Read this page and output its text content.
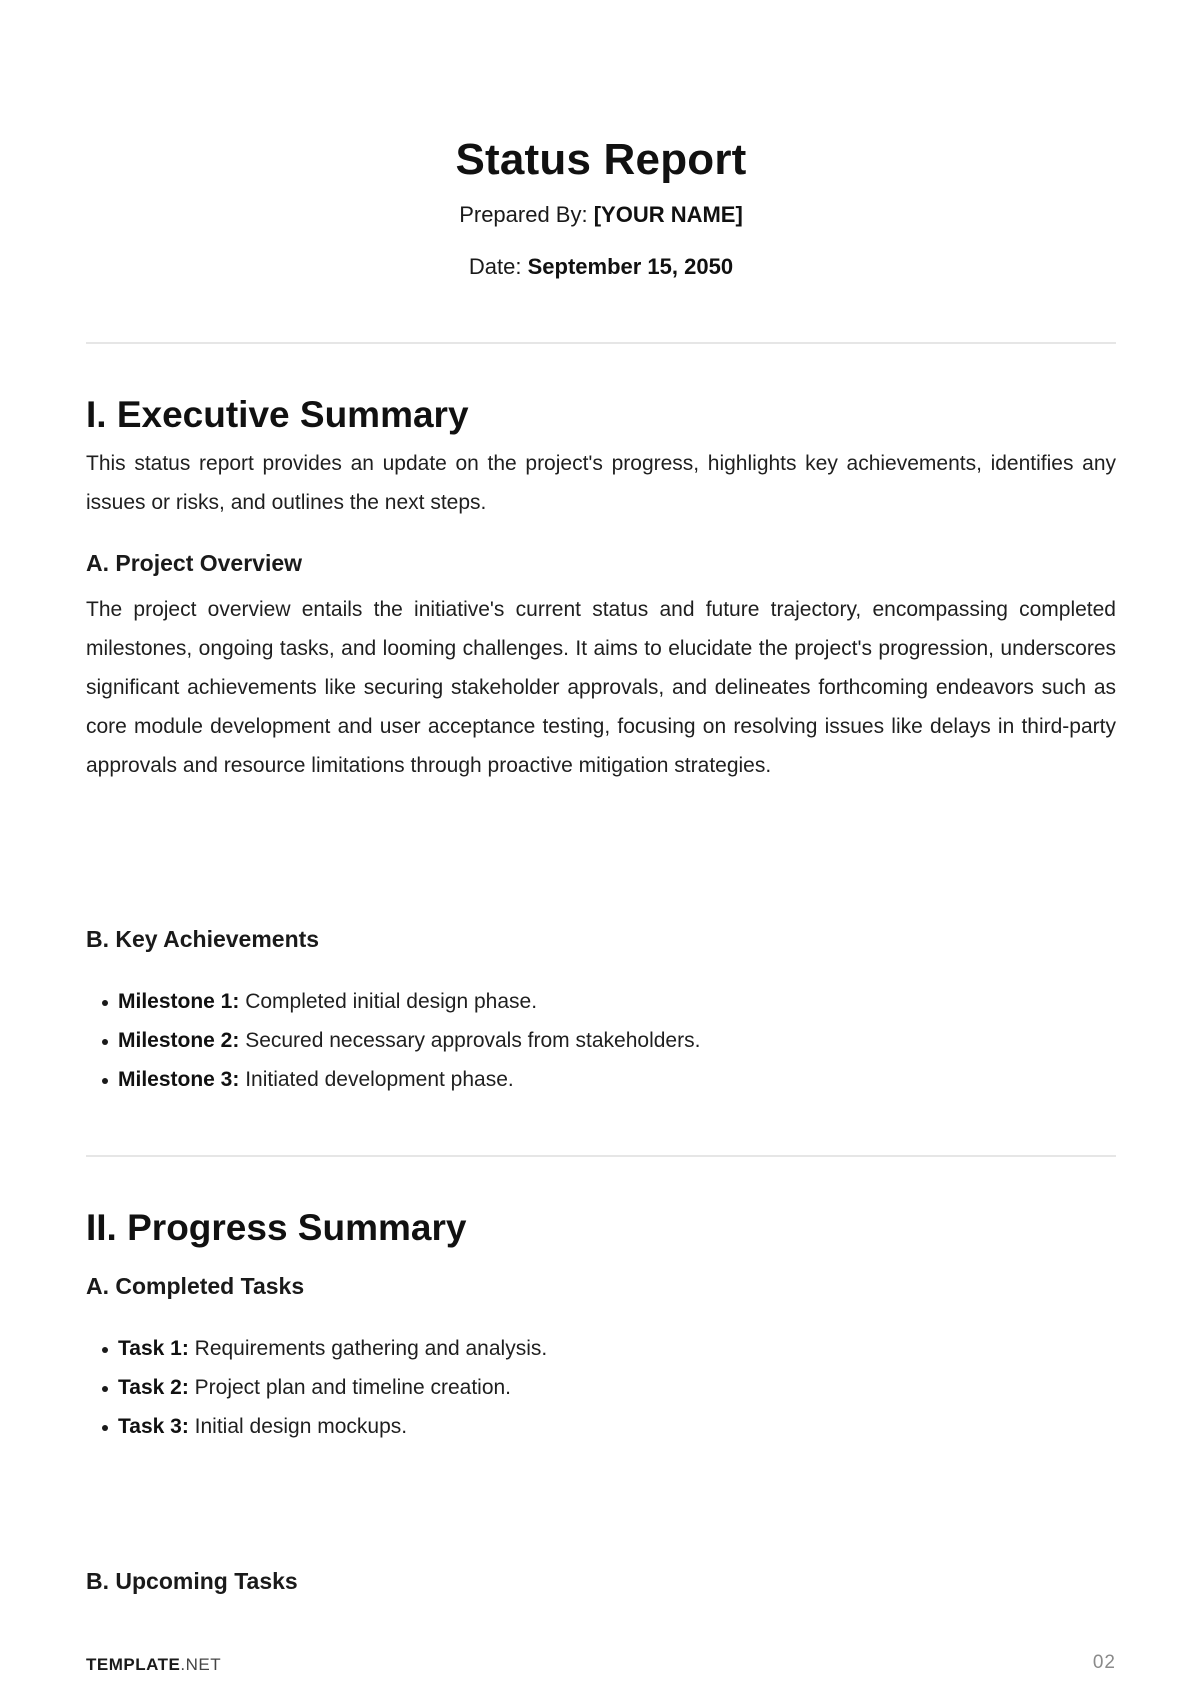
Status Report

Prepared By: [YOUR NAME]

Date: September 15, 2050

I. Executive Summary

This status report provides an update on the project's progress, highlights key achievements, identifies any issues or risks, and outlines the next steps.

A. Project Overview

The project overview entails the initiative's current status and future trajectory, encompassing completed milestones, ongoing tasks, and looming challenges. It aims to elucidate the project's progression, underscores significant achievements like securing stakeholder approvals, and delineates forthcoming endeavors such as core module development and user acceptance testing, focusing on resolving issues like delays in third-party approvals and resource limitations through proactive mitigation strategies.

B. Key Achievements
Milestone 1: Completed initial design phase.
Milestone 2: Secured necessary approvals from stakeholders.
Milestone 3: Initiated development phase.
II. Progress Summary
A. Completed Tasks
Task 1: Requirements gathering and analysis.
Task 2: Project plan and timeline creation.
Task 3: Initial design mockups.
B. Upcoming Tasks
TEMPLATE.NET	02
